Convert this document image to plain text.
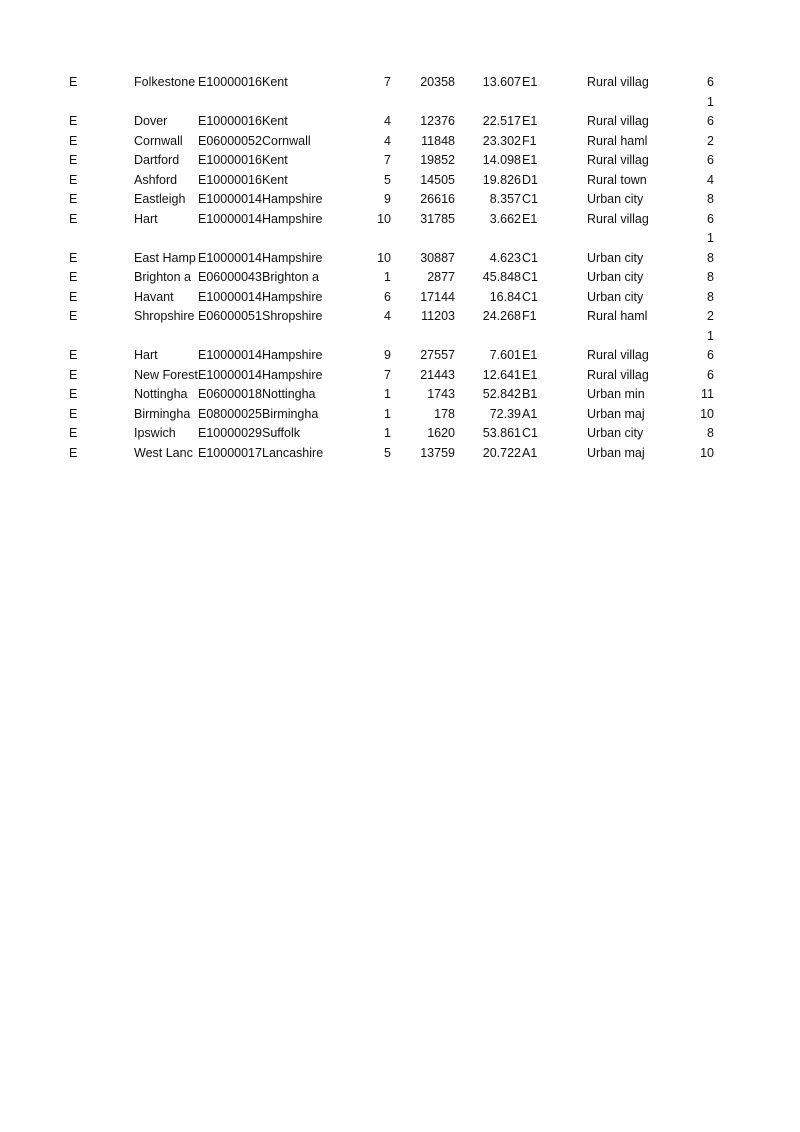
E	Folkestone E10000016 Kent	7	20358	13.607 E1	Rural villag	6
1
E	Dover	E10000016 Kent	4	12376	22.517 E1	Rural villag	6
E	Cornwall	E06000052 Cornwall	4	11848	23.302 F1	Rural haml	2
E	Dartford	E10000016 Kent	7	19852	14.098 E1	Rural villag	6
E	Ashford	E10000016 Kent	5	14505	19.826 D1	Rural town	4
E	Eastleigh	E10000014 Hampshire	9	26616	8.357 C1	Urban city	8
E	Hart	E10000014 Hampshire	10	31785	3.662 E1	Rural villag	6
1
E	East Hamp E10000014 Hampshire	10	30887	4.623 C1	Urban city	8
E	Brighton a E06000043 Brighton a	1	2877	45.848 C1	Urban city	8
E	Havant	E10000014 Hampshire	6	17144	16.84 C1	Urban city	8
E	Shropshire E06000051 Shropshire	4	11203	24.268 F1	Rural haml	2
1
E	Hart	E10000014 Hampshire	9	27557	7.601 E1	Rural villag	6
E	New Forest E10000014 Hampshire	7	21443	12.641 E1	Rural villag	6
E	Nottingha E06000018 Nottingha	1	1743	52.842 B1	Urban min	11
E	Birmingha E08000025 Birmingha	1	178	72.39 A1	Urban maj	10
E	Ipswich	E10000029 Suffolk	1	1620	53.861 C1	Urban city	8
E	West Lanc E10000017 Lancashire	5	13759	20.722 A1	Urban maj	10
